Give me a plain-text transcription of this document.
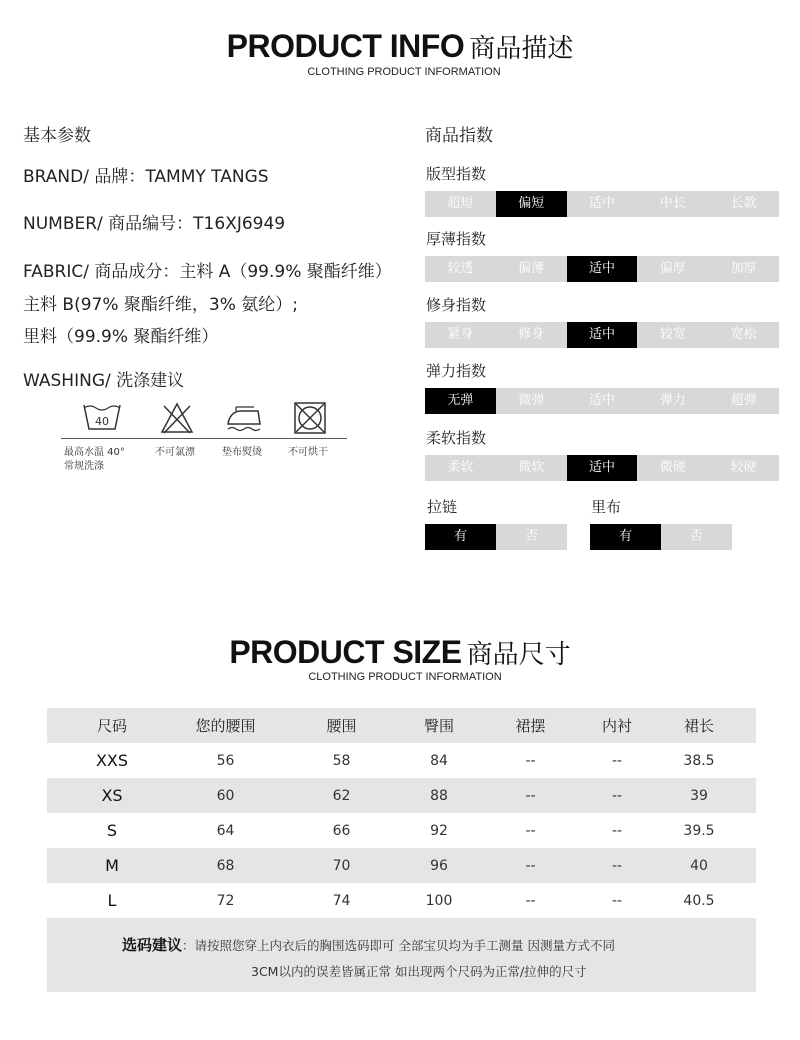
PRODUCT INFO 商品描述
CLOTHING PRODUCT INFORMATION
基本参数
BRAND/ 品牌：TAMMY TANGS
NUMBER/ 商品编号：T16XJ6949
FABRIC/ 商品成分：主料 A（99.9% 聚酯纤维）
主料 B(97% 聚酯纤维，3% 氨纶）;
里料（99.9% 聚酯纤维）
WASHING/ 洗涤建议
40
最高水温 40°
常规洗涤
不可氯漂	垫布熨烫	不可烘干
商品指数
版型指数
超短	偏短	适中	中长	长款
厚薄指数
较透	偏薄	适中	偏厚	加厚
修身指数
紧身	修身	适中	较宽	宽松
弹力指数
无弹	微弹	适中	弹力	超弹
柔软指数
柔软	微软	适中	微硬	较硬
拉链
有	否
里布
有	否
PRODUCT SIZE 商品尺寸
CLOTHING PRODUCT INFORMATION
尺码	您的腰围	腰围	臀围	裙摆	内衬	裙长
XXS	56	58	84	--	--	38.5
XS	60	62	88	--	--	39
S	64	66	92	--	--	39.5
M	68	70	96	--	--	40
L	72	74	100	--	--	40.5
选码建议：请按照您穿上内衣后的胸围选码即可 全部宝贝均为手工测量 因测量方式不同
3CM以内的误差皆属正常 如出现两个尺码为正常/拉伸的尺寸
